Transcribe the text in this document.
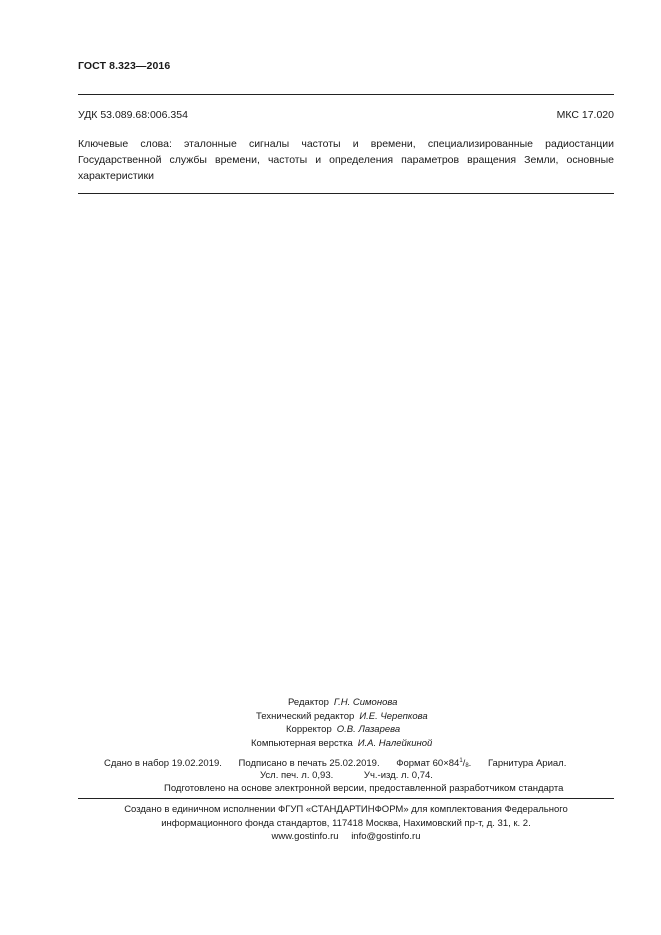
ГОСТ 8.323—2016
УДК 53.089.68:006.354	МКС 17.020
Ключевые слова: эталонные сигналы частоты и времени, специализированные радиостанции Государственной службы времени, частоты и определения параметров вращения Земли, основные характеристики
Редактор Г.Н. Симонова
Технический редактор И.Е. Черепкова
Корректор О.В. Лазарева
Компьютерная верстка И.А. Налейкиной
Сдано в набор 19.02.2019. Подписано в печать 25.02.2019. Формат $60\times 84^1/_8$. Гарнитура Ариал.
Усл. печ. л. 0,93.	Уч.-изд. л. 0,74.
Подготовлено на основе электронной версии, предоставленной разработчиком стандарта
Создано в единичном исполнении ФГУП «СТАНДАРТИНФОРМ» для комплектования Федерального
информационного фонда стандартов, 117418 Москва, Нахимовский пр-т, д. 31, к. 2.
www.gostinfo.ru info@gostinfo.ru
